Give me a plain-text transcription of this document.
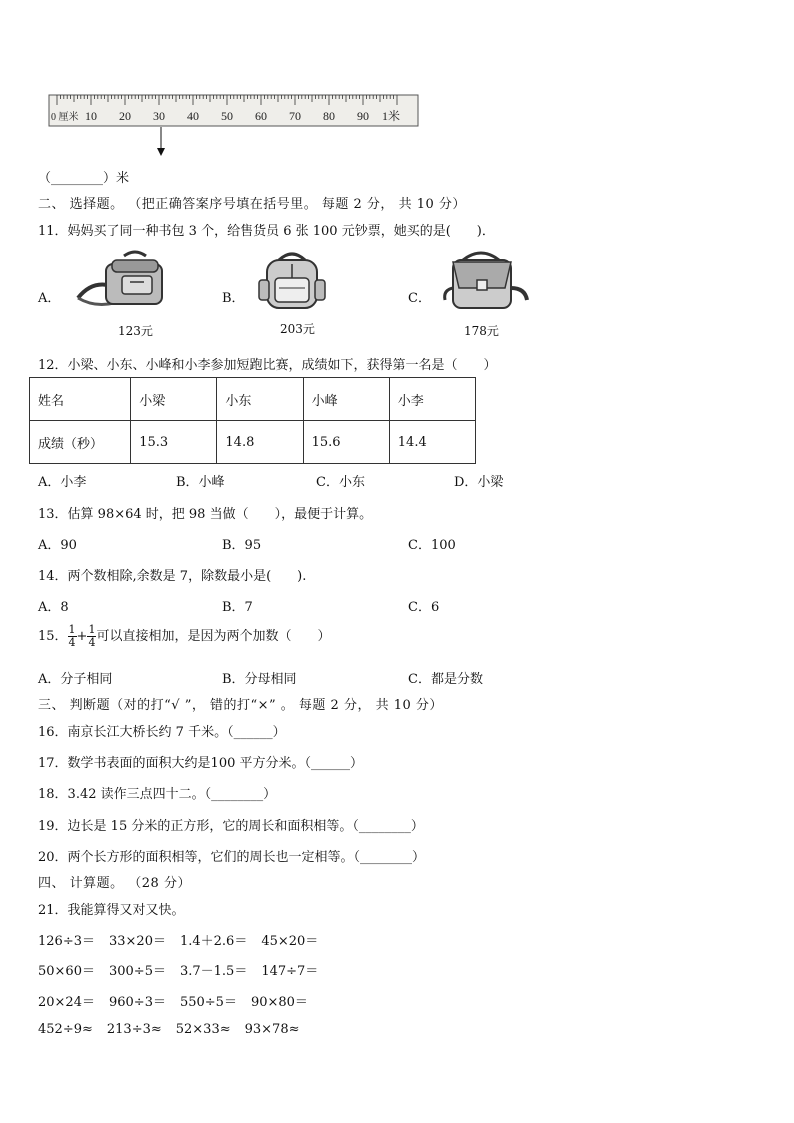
0 厘米 10 20 30 40 50 60 70 80 90 1米
（________）米
二、 选择题。 （把正确答案序号填在括号里。 每题 2 分， 共 10 分）
11．妈妈买了同一种书包 3 个，给售货员 6 张 100 元钞票，她买的是(　　)．
A．
123元
B．
203元
C．
178元
12．小梁、小东、小峰和小李参加短跑比赛，成绩如下，获得第一名是（　　）
姓名	小梁	小东	小峰	小李
成绩（秒）	15.3	14.8	15.6	14.4
A．小李	B．小峰	C．小东	D．小梁
13．估算 98×64 时，把 98 当做（　　），最便于计算。
A．90	B．95	C．100
14．两个数相除,余数是 7，除数最小是(　　).
A．8	B．7	C．6
15． $\frac{1}{4} + \frac{1}{4}$ 可以直接相加，是因为两个加数（　　）
A．分子相同	B．分母相同	C．都是分数
三、 判断题（对的打“√ ”， 错的打“×” 。 每题 2 分， 共 10 分）
16．南京长江大桥长约 7 千米。（______）
17．数学书表面的面积大约是100 平方分米。（______）
18．3.42 读作三点四十二。（________）
19．边长是 15 分米的正方形，它的周长和面积相等。（________）
20．两个长方形的面积相等，它们的周长也一定相等。（________）
四、 计算题。 （28 分）
21．我能算得又对又快。
126÷3＝ 33×20＝ 1.4＋2.6＝ 45×20＝
50×60＝ 300÷5＝ 3.7－1.5＝ 147÷7＝
20×24＝ 960÷3＝ 550÷5＝ 90×80＝
452÷9≈ 213÷3≈ 52×33≈ 93×78≈
